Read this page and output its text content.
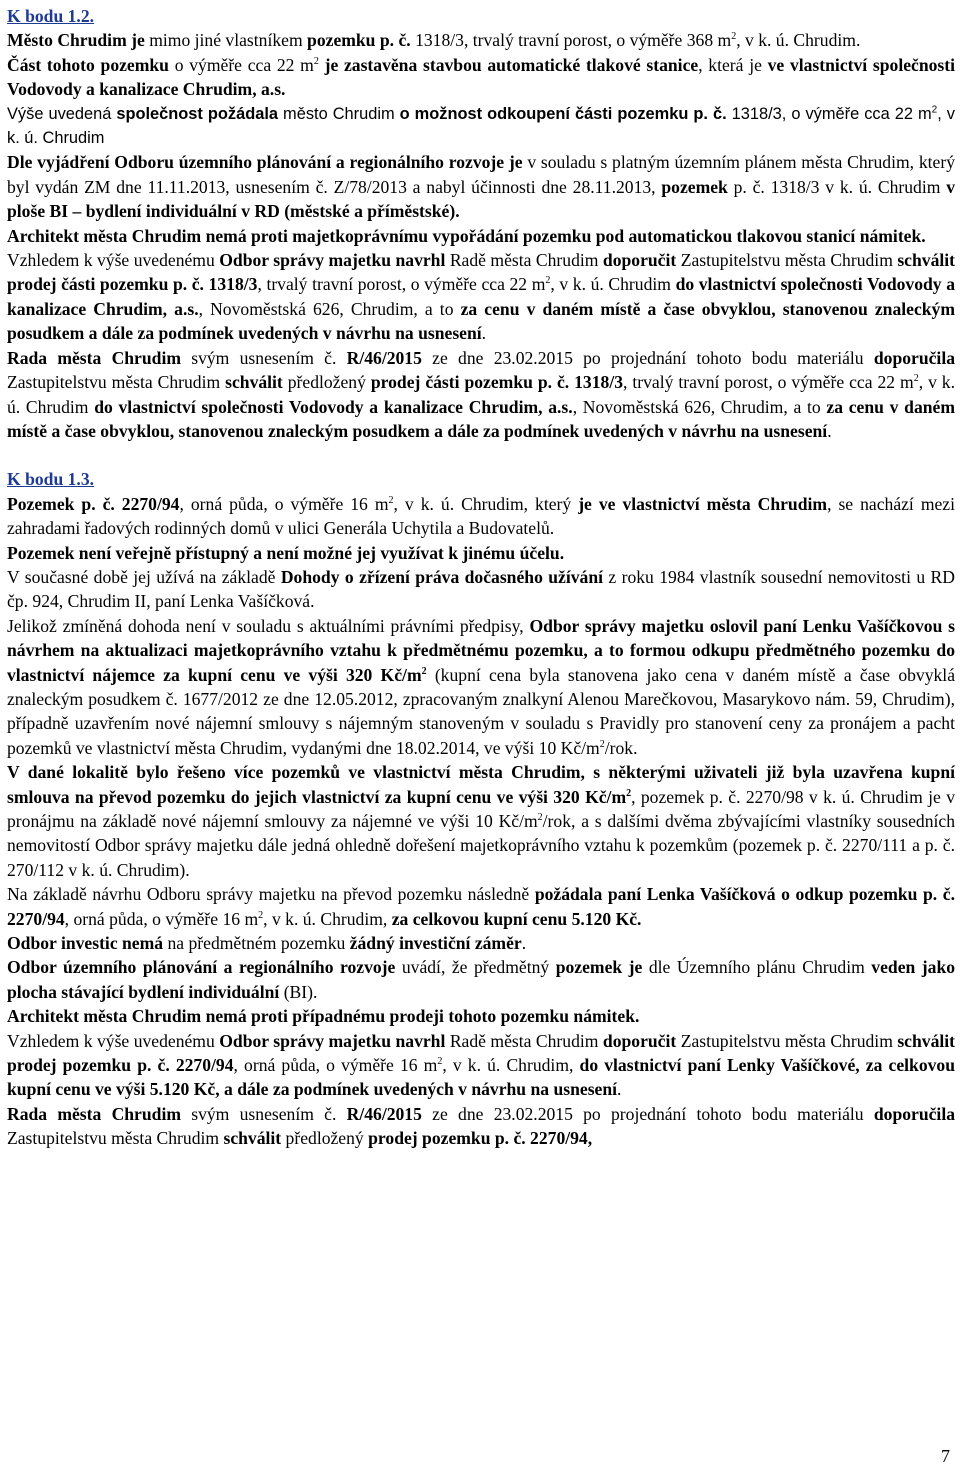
K bodu 1.2.

Město Chrudim je mimo jiné vlastníkem pozemku p. č. 1318/3, trvalý travní porost, o výměře 368 $m^2$, v k. ú. Chrudim.

Část tohoto pozemku o výměře cca 22 $m^2$ je zastavěna stavbou automatické tlakové stanice, která je ve vlastnictví společnosti Vodovody a kanalizace Chrudim, a.s.

Výše uvedená společnost požádala město Chrudim o možnost odkoupení části pozemku p. č. 1318/3, o výměře cca 22 $m^2$, v k. ú. Chrudim

Dle vyjádření Odboru územního plánování a regionálního rozvoje je v souladu s platným územním plánem města Chrudim, který byl vydán ZM dne 11.11.2013, usnesením č. Z/78/2013 a nabyl účinnosti dne 28.11.2013, pozemek p. č. 1318/3 v k. ú. Chrudim v ploše BI – bydlení individuální v RD (městské a příměstské).

Architekt města Chrudim nemá proti majetkoprávnímu vypořádání pozemku pod automatickou tlakovou stanicí námitek.

Vzhledem k výše uvedenému Odbor správy majetku navrhl Radě města Chrudim doporučit Zastupitelstvu města Chrudim schválit prodej části pozemku p. č. 1318/3, trvalý travní porost, o výměře cca 22 $m^2$, v k. ú. Chrudim do vlastnictví společnosti Vodovody a kanalizace Chrudim, a.s., Novoměstská 626, Chrudim, a to za cenu v daném místě a čase obvyklou, stanovenou znaleckým posudkem a dále za podmínek uvedených v návrhu na usnesení.

Rada města Chrudim svým usnesením č. R/46/2015 ze dne 23.02.2015 po projednání tohoto bodu materiálu doporučila Zastupitelstvu města Chrudim schválit předložený prodej části pozemku p. č. 1318/3, trvalý travní porost, o výměře cca 22 $m^2$, v k. ú. Chrudim do vlastnictví společnosti Vodovody a kanalizace Chrudim, a.s., Novoměstská 626, Chrudim, a to za cenu v daném místě a čase obvyklou, stanovenou znaleckým posudkem a dále za podmínek uvedených v návrhu na usnesení.

K bodu 1.3.

Pozemek p. č. 2270/94, orná půda, o výměře 16 $m^2$, v k. ú. Chrudim, který je ve vlastnictví města Chrudim, se nachází mezi zahradami řadových rodinných domů v ulici Generála Uchytila a Budovatelů.

Pozemek není veřejně přístupný a není možné jej využívat k jinému účelu.

V současné době jej užívá na základě Dohody o zřízení práva dočasného užívání z roku 1984 vlastník sousední nemovitosti u RD čp. 924, Chrudim II, paní Lenka Vašíčková.

Jelikož zmíněná dohoda není v souladu s aktuálními právními předpisy, Odbor správy majetku oslovil paní Lenku Vašíčkovou s návrhem na aktualizaci majetkoprávního vztahu k předmětnému pozemku, a to formou odkupu předmětného pozemku do vlastnictví nájemce za kupní cenu ve výši 320 $Kč/m^2$ (kupní cena byla stanovena jako cena v daném místě a čase obvyklá znaleckým posudkem č. 1677/2012 ze dne 12.05.2012, zpracovaným znalkyní Alenou Marečkovou, Masarykovo nám. 59, Chrudim), případně uzavřením nové nájemní smlouvy s nájemným stanoveným v souladu s Pravidly pro stanovení ceny za pronájem a pacht pozemků ve vlastnictví města Chrudim, vydanými dne 18.02.2014, ve výši 10 $Kč/m^2$/rok.

V dané lokalitě bylo řešeno více pozemků ve vlastnictví města Chrudim, s některými uživateli již byla uzavřena kupní smlouva na převod pozemku do jejich vlastnictví za kupní cenu ve výši 320 $Kč/m^2$, pozemek p. č. 2270/98 v k. ú. Chrudim je v pronájmu na základě nové nájemní smlouvy za nájemné ve výši 10 $Kč/m^2$/rok, a s dalšími dvěma zbývajícími vlastníky sousedních nemovitostí Odbor správy majetku dále jedná ohledně dořešení majetkoprávního vztahu k pozemkům (pozemek p. č. 2270/111 a p. č. 270/112 v k. ú. Chrudim).

Na základě návrhu Odboru správy majetku na převod pozemku následně požádala paní Lenka Vašíčková o odkup pozemku p. č. 2270/94, orná půda, o výměře 16 $m^2$, v k. ú. Chrudim, za celkovou kupní cenu 5.120 Kč.

Odbor investic nemá na předmětném pozemku žádný investiční záměr.

Odbor územního plánování a regionálního rozvoje uvádí, že předmětný pozemek je dle Územního plánu Chrudim veden jako plocha stávající bydlení individuální (BI).

Architekt města Chrudim nemá proti případnému prodeji tohoto pozemku námitek.

Vzhledem k výše uvedenému Odbor správy majetku navrhl Radě města Chrudim doporučit Zastupitelstvu města Chrudim schválit prodej pozemku p. č. 2270/94, orná půda, o výměře 16 $m^2$, v k. ú. Chrudim, do vlastnictví paní Lenky Vašíčkové, za celkovou kupní cenu ve výši 5.120 Kč, a dále za podmínek uvedených v návrhu na usnesení.

Rada města Chrudim svým usnesením č. R/46/2015 ze dne 23.02.2015 po projednání tohoto bodu materiálu doporučila Zastupitelstvu města Chrudim schválit předložený prodej pozemku p. č. 2270/94,

7
